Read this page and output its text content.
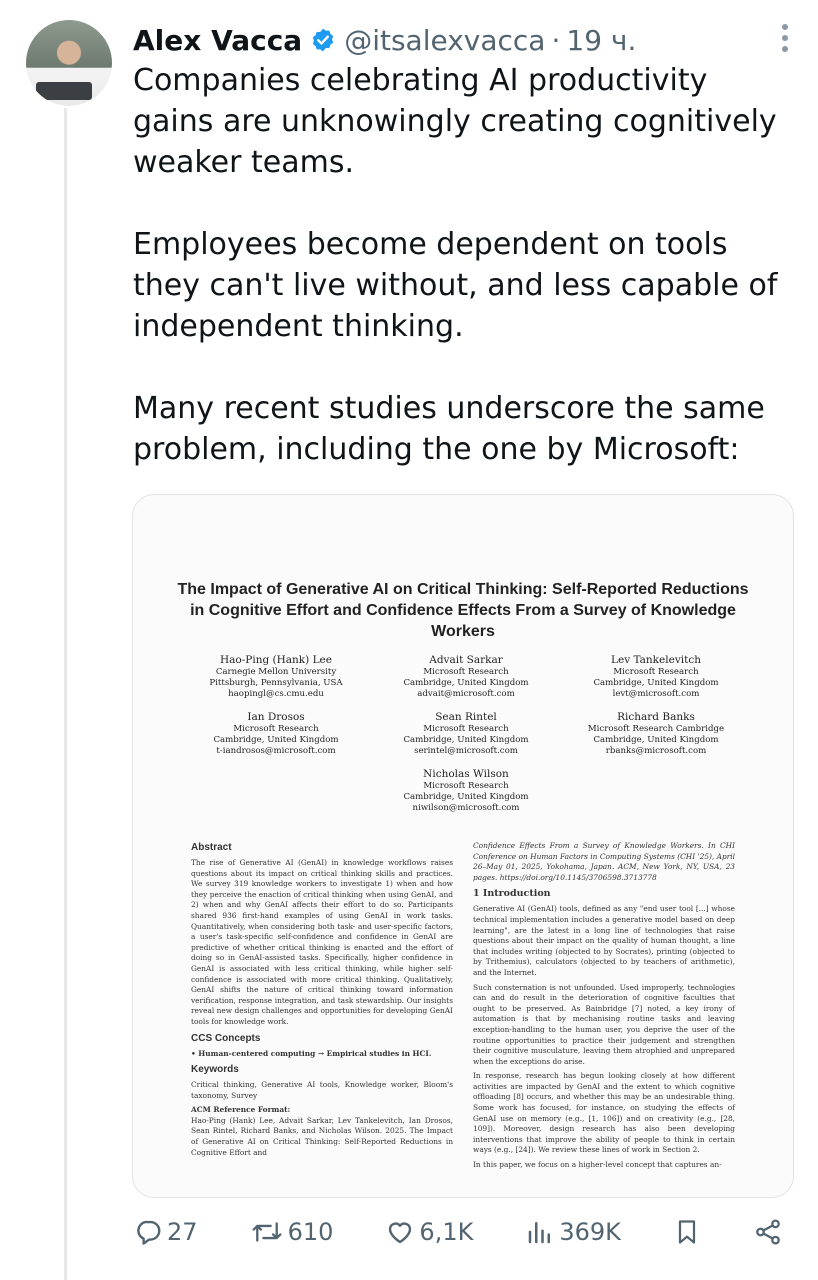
Alex Vacca @itsalexvacca · 19 ч.

Companies celebrating AI productivity gains are unknowingly creating cognitively weaker teams.

Employees become dependent on tools they can't live without, and less capable of independent thinking.

Many recent studies underscore the same problem, including the one by Microsoft:

The Impact of Generative AI on Critical Thinking: Self-Reported Reductions in Cognitive Effort and Confidence Effects From a Survey of Knowledge Workers
Hao-Ping (Hank) Lee
Carnegie Mellon University
Pittsburgh, Pennsylvania, USA
haopingl@cs.cmu.edu
Advait Sarkar
Microsoft Research
Cambridge, United Kingdom
advait@microsoft.com
Lev Tankelevitch
Microsoft Research
Cambridge, United Kingdom
levt@microsoft.com
Ian Drosos
Microsoft Research
Cambridge, United Kingdom
t-iandrosos@microsoft.com
Sean Rintel
Microsoft Research
Cambridge, United Kingdom
serintel@microsoft.com
Richard Banks
Microsoft Research Cambridge
Cambridge, United Kingdom
rbanks@microsoft.com
Nicholas Wilson
Microsoft Research
Cambridge, United Kingdom
niwilson@microsoft.com
Abstract

The rise of Generative AI (GenAI) in knowledge workflows raises questions about its impact on critical thinking skills and practices. We survey 319 knowledge workers to investigate 1) when and how they perceive the enaction of critical thinking when using GenAI, and 2) when and why GenAI affects their effort to do so. Participants shared 936 first-hand examples of using GenAI in work tasks. Quantitatively, when considering both task- and user-specific factors, a user's task-specific self-confidence and confidence in GenAI are predictive of whether critical thinking is enacted and the effort of doing so in GenAI-assisted tasks. Specifically, higher confidence in GenAI is associated with less critical thinking, while higher self-confidence is associated with more critical thinking. Qualitatively, GenAI shifts the nature of critical thinking toward information verification, response integration, and task stewardship. Our insights reveal new design challenges and opportunities for developing GenAI tools for knowledge work.

CCS Concepts

• Human-centered computing → Empirical studies in HCI.

Keywords

Critical thinking, Generative AI tools, Knowledge worker, Bloom's taxonomy, Survey

ACM Reference Format:

Hao-Ping (Hank) Lee, Advait Sarkar, Lev Tankelevitch, Ian Drosos, Sean Rintel, Richard Banks, and Nicholas Wilson. 2025. The Impact of Generative AI on Critical Thinking: Self-Reported Reductions in Cognitive Effort and

Confidence Effects From a Survey of Knowledge Workers. In CHI Conference on Human Factors in Computing Systems (CHI '25), April 26–May 01, 2025, Yokohama, Japan. ACM, New York, NY, USA, 23 pages. https://doi.org/10.1145/3706598.3713778

1 Introduction

Generative AI (GenAI) tools, defined as any "end user tool [...] whose technical implementation includes a generative model based on deep learning", are the latest in a long line of technologies that raise questions about their impact on the quality of human thought, a line that includes writing (objected to by Socrates), printing (objected to by Trithemius), calculators (objected to by teachers of arithmetic), and the Internet.

Such consternation is not unfounded. Used improperly, technologies can and do result in the deterioration of cognitive faculties that ought to be preserved. As Bainbridge [7] noted, a key irony of automation is that by mechanising routine tasks and leaving exception-handling to the human user, you deprive the user of the routine opportunities to practice their judgement and strengthen their cognitive musculature, leaving them atrophied and unprepared when the exceptions do arise.

In response, research has begun looking closely at how different activities are impacted by GenAI and the extent to which cognitive offloading [8] occurs, and whether this may be an undesirable thing. Some work has focused, for instance, on studying the effects of GenAI use on memory (e.g., [1, 106]) and on creativity (e.g., [28, 109]). Moreover, design research has also been developing interventions that improve the ability of people to think in certain ways (e.g., [24]). We review these lines of work in Section 2.

In this paper, we focus on a higher-level concept that captures an-

27	610	6,1K	369K
